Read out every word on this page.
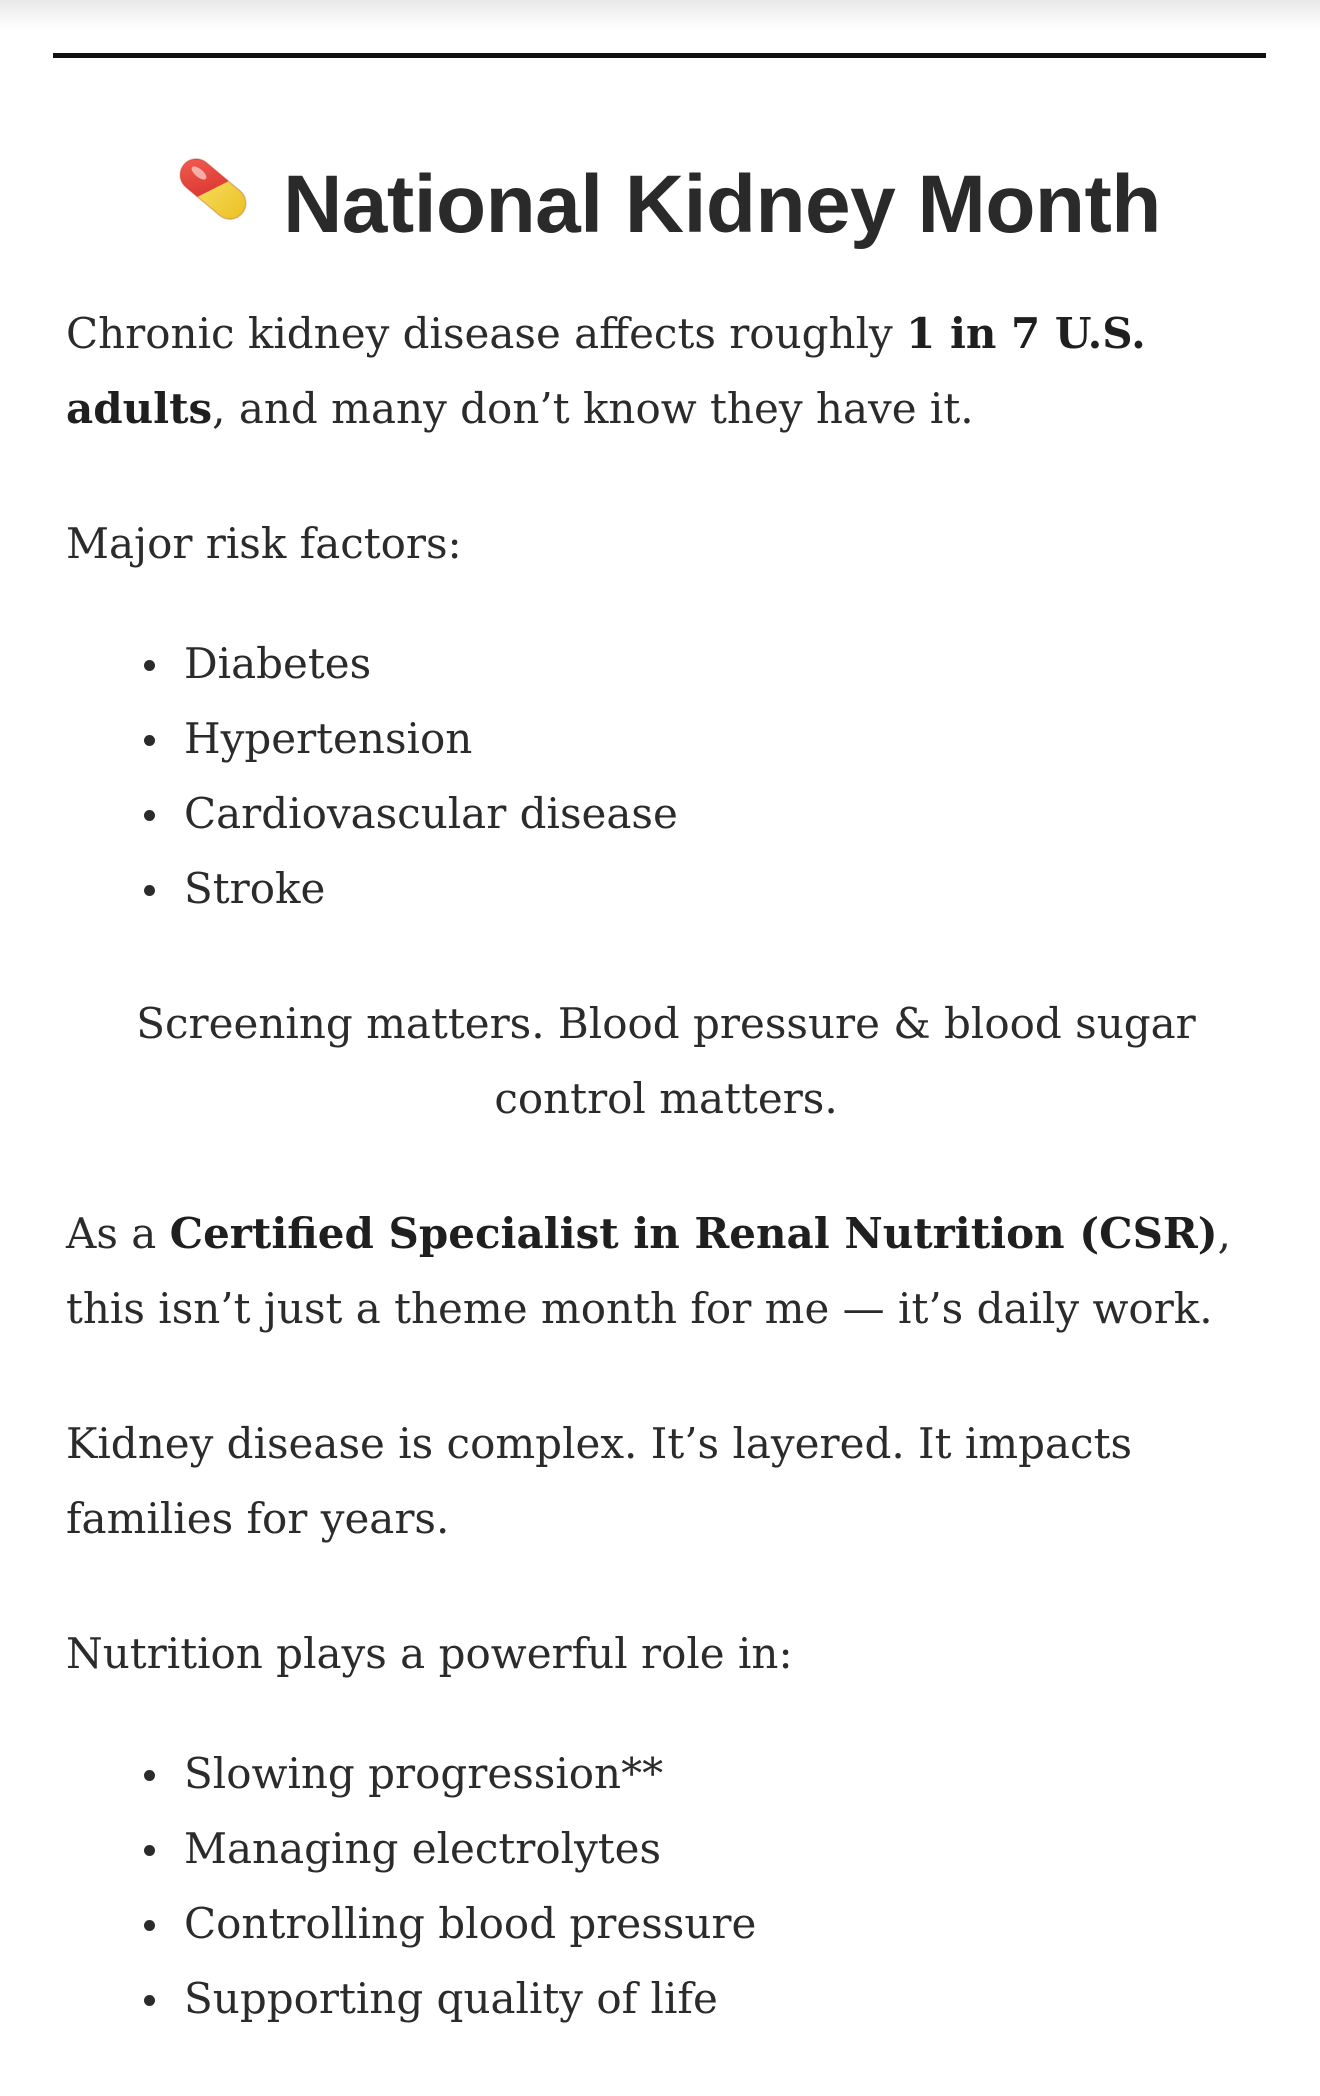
National Kidney Month

Chronic kidney disease affects roughly 1 in 7 U.S. adults, and many don’t know they have it.

Major risk factors:

Diabetes
Hypertension
Cardiovascular disease
Stroke

Screening matters. Blood pressure & blood sugar control matters.

As a Certified Specialist in Renal Nutrition (CSR), this isn’t just a theme month for me — it’s daily work.

Kidney disease is complex. It’s layered. It impacts families for years.

Nutrition plays a powerful role in:

Slowing progression**
Managing electrolytes
Controlling blood pressure
Supporting quality of life
